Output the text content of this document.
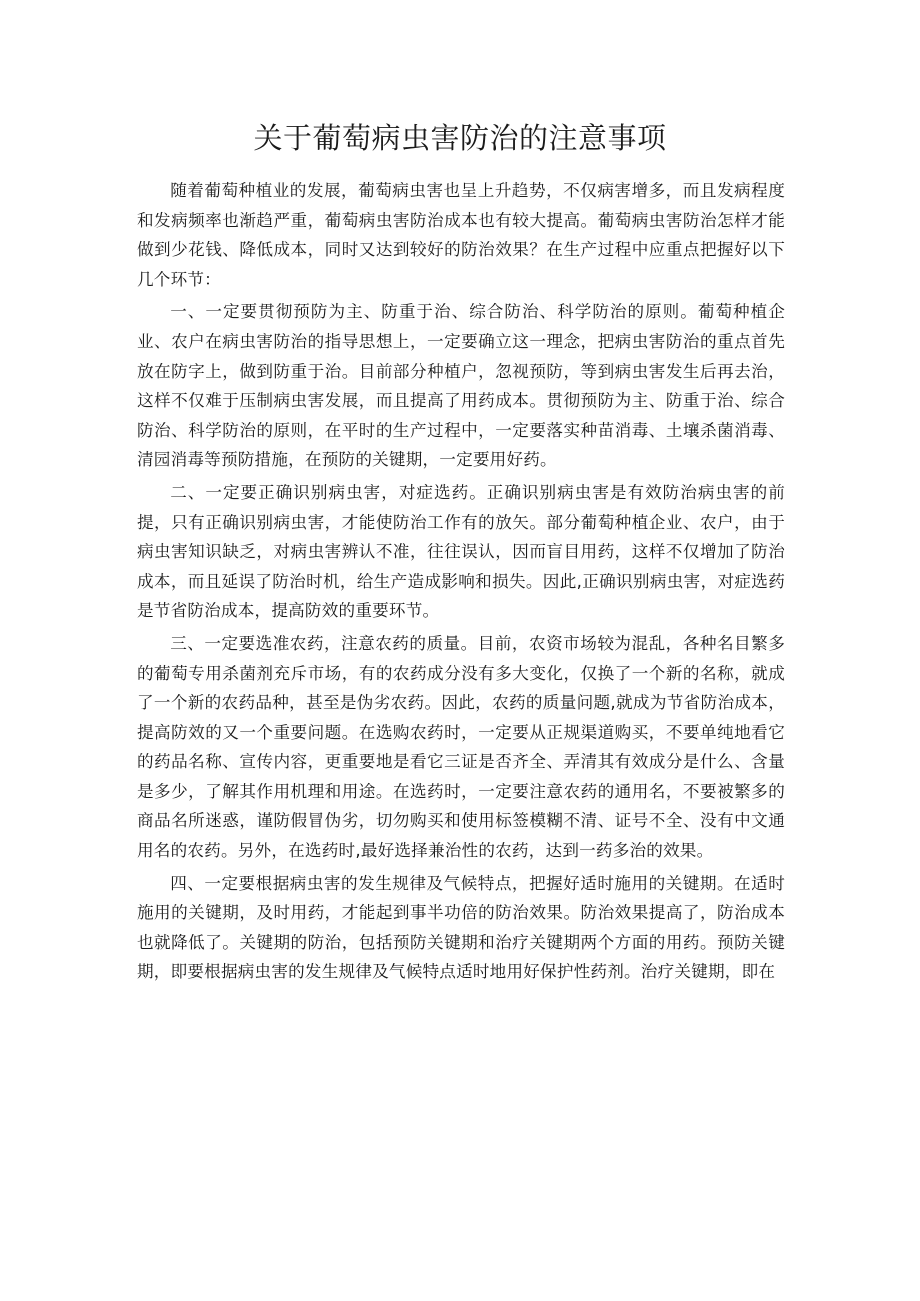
关于葡萄病虫害防治的注意事项

随着葡萄种植业的发展，葡萄病虫害也呈上升趋势，不仅病害增多，而且发病程度和发病频率也渐趋严重，葡萄病虫害防治成本也有较大提高。葡萄病虫害防治怎样才能做到少花钱、降低成本，同时又达到较好的防治效果？在生产过程中应重点把握好以下几个环节：

一、一定要贯彻预防为主、防重于治、综合防治、科学防治的原则。葡萄种植企业、农户在病虫害防治的指导思想上，一定要确立这一理念，把病虫害防治的重点首先放在防字上，做到防重于治。目前部分种植户，忽视预防，等到病虫害发生后再去治，这样不仅难于压制病虫害发展，而且提高了用药成本。贯彻预防为主、防重于治、综合防治、科学防治的原则，在平时的生产过程中，一定要落实种苗消毒、土壤杀菌消毒、清园消毒等预防措施，在预防的关键期，一定要用好药。

二、一定要正确识别病虫害，对症选药。正确识别病虫害是有效防治病虫害的前提，只有正确识别病虫害，才能使防治工作有的放矢。部分葡萄种植企业、农户，由于病虫害知识缺乏，对病虫害辨认不准，往往误认，因而盲目用药，这样不仅增加了防治成本，而且延误了防治时机，给生产造成影响和损失。因此,正确识别病虫害，对症选药是节省防治成本，提高防效的重要环节。

三、一定要选准农药，注意农药的质量。目前，农资市场较为混乱，各种名目繁多的葡萄专用杀菌剂充斥市场，有的农药成分没有多大变化，仅换了一个新的名称，就成了一个新的农药品种，甚至是伪劣农药。因此，农药的质量问题,就成为节省防治成本，提高防效的又一个重要问题。在选购农药时，一定要从正规渠道购买，不要单纯地看它的药品名称、宣传内容，更重要地是看它三证是否齐全、弄清其有效成分是什么、含量是多少，了解其作用机理和用途。在选药时，一定要注意农药的通用名，不要被繁多的商品名所迷惑，谨防假冒伪劣，切勿购买和使用标签模糊不清、证号不全、没有中文通用名的农药。另外，在选药时,最好选择兼治性的农药，达到一药多治的效果。

四、一定要根据病虫害的发生规律及气候特点，把握好适时施用的关键期。在适时施用的关键期，及时用药，才能起到事半功倍的防治效果。防治效果提高了，防治成本也就降低了。关键期的防治，包括预防关键期和治疗关键期两个方面的用药。预防关键期，即要根据病虫害的发生规律及气候特点适时地用好保护性药剂。治疗关键期，即在
